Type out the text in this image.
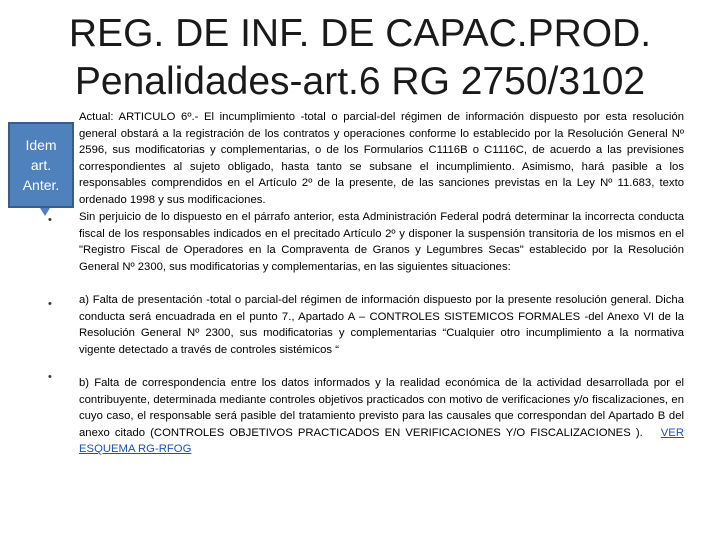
REG. DE INF. DE CAPAC.PROD.
Penalidades-art.6 RG 2750/3102
Idem
art.
Anter.
•
•
•

Actual: ARTICULO 6º.- El incumplimiento -total o parcial-del régimen de información dispuesto por esta resolución general obstará a la registración de los contratos y operaciones conforme lo establecido por la Resolución General Nº 2596, sus modificatorias y complementarias, o de los Formularios C1116B o C1116C, de acuerdo a las previsiones correspondientes al sujeto obligado, hasta tanto se subsane el incumplimiento. Asimismo, hará pasible a los responsables comprendidos en el Artículo 2º de la presente, de las sanciones previstas en la Ley Nº 11.683, texto ordenado 1998 y sus modificaciones.

Sin perjuicio de lo dispuesto en el párrafo anterior, esta Administración Federal podrá determinar la incorrecta conducta fiscal de los responsables indicados en el precitado Artículo 2º y disponer la suspensión transitoria de los mismos en el "Registro Fiscal de Operadores en la Compraventa de Granos y Legumbres Secas" establecido por la Resolución General Nº 2300, sus modificatorias y complementarias, en las siguientes situaciones:

a) Falta de presentación -total o parcial-del régimen de información dispuesto por la presente resolución general. Dicha conducta será encuadrada en el punto 7., Apartado A – CONTROLES SISTEMICOS FORMALES -del Anexo VI de la Resolución General Nº 2300, sus modificatorias y complementarias “Cualquier otro incumplimiento a la normativa vigente detectado a través de controles sistémicos “

b) Falta de correspondencia entre los datos informados y la realidad económica de la actividad desarrollada por el contribuyente, determinada mediante controles objetivos practicados con motivo de verificaciones y/o fiscalizaciones, en cuyo caso, el responsable será pasible del tratamiento previsto para las causales que correspondan del Apartado B del anexo citado (CONTROLES OBJETIVOS PRACTICADOS EN VERIFICACIONES Y/O FISCALIZACIONES ). VER ESQUEMA RG-RFOG
